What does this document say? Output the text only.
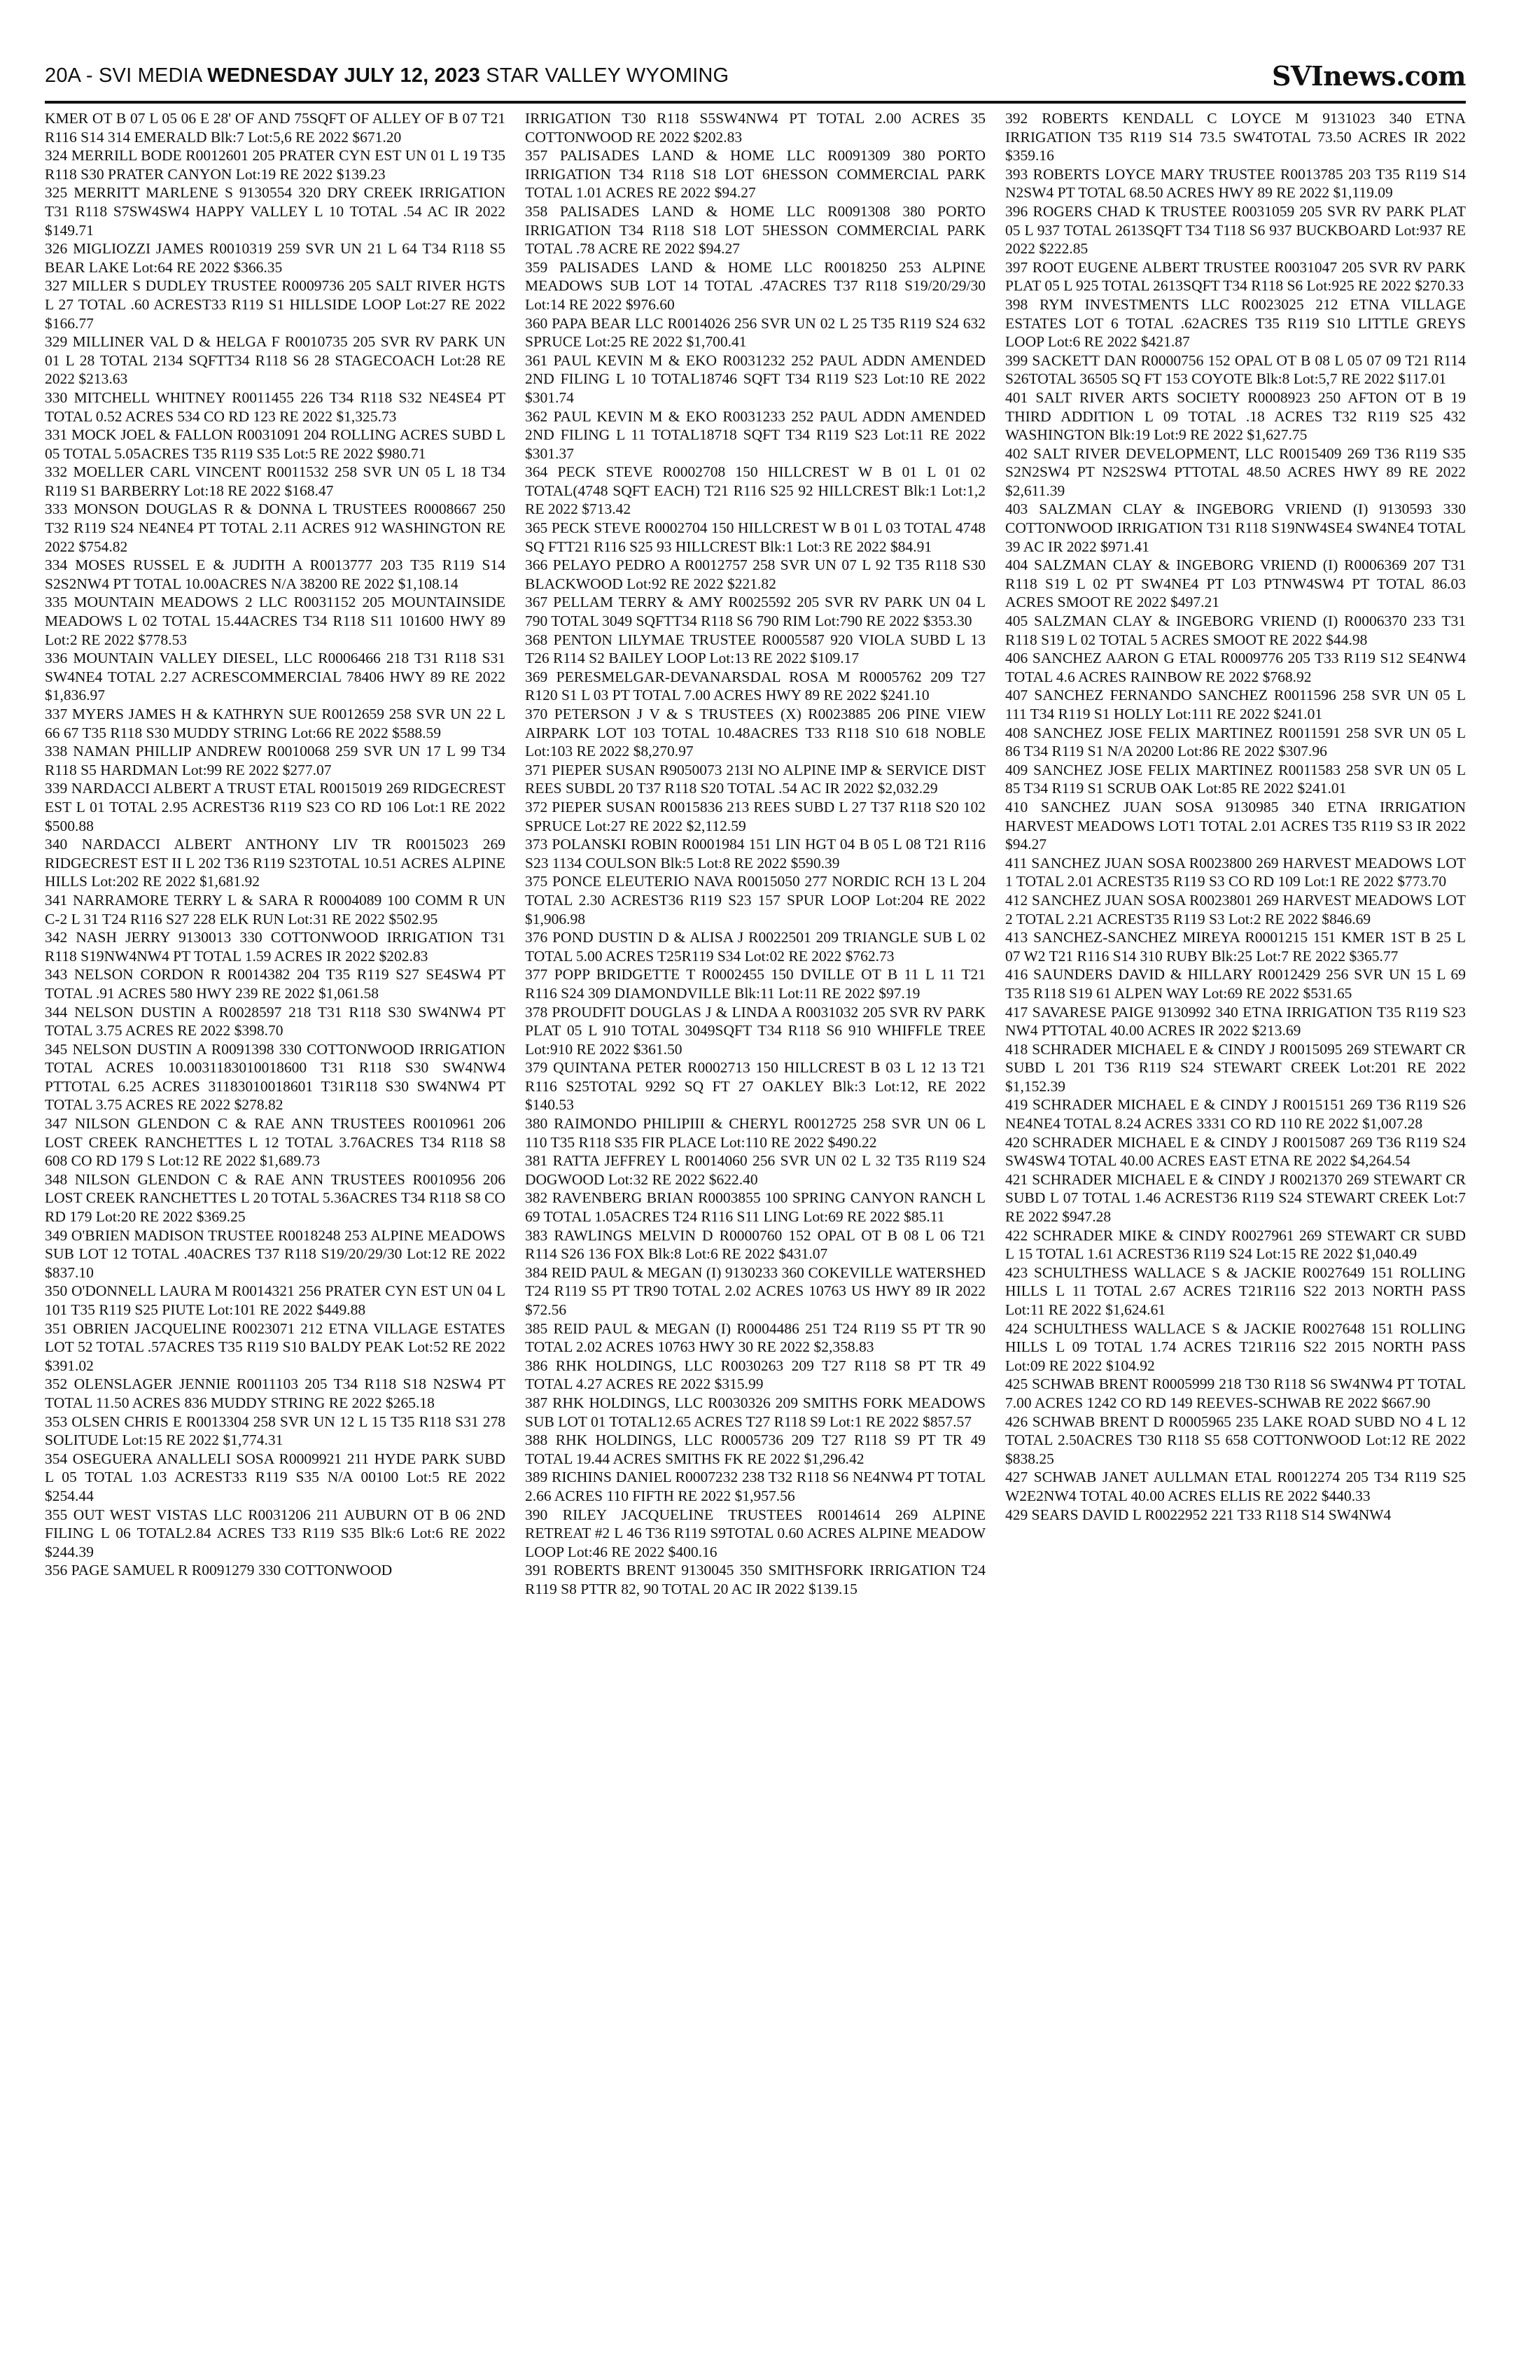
20A - SVI MEDIA WEDNESDAY JULY 12, 2023 STAR VALLEY WYOMING	SVInews.com

KMER OT B 07 L 05 06 E 28' OF AND 75SQFT OF ALLEY OF B 07 T21 R116 S14 314 EMERALD Blk:7 Lot:5,6 RE 2022 $671.20

324 MERRILL BODE R0012601 205 PRATER CYN EST UN 01 L 19 T35 R118 S30 PRATER CANYON Lot:19 RE 2022 $139.23

325 MERRITT MARLENE S 9130554 320 DRY CREEK IRRIGATION T31 R118 S7SW4SW4 HAPPY VALLEY L 10 TOTAL .54 AC IR 2022 $149.71

326 MIGLIOZZI JAMES R0010319 259 SVR UN 21 L 64 T34 R118 S5 BEAR LAKE Lot:64 RE 2022 $366.35

327 MILLER S DUDLEY TRUSTEE R0009736 205 SALT RIVER HGTS L 27 TOTAL .60 ACREST33 R119 S1 HILLSIDE LOOP Lot:27 RE 2022 $166.77

329 MILLINER VAL D & HELGA F R0010735 205 SVR RV PARK UN 01 L 28 TOTAL 2134 SQFTT34 R118 S6 28 STAGECOACH Lot:28 RE 2022 $213.63

330 MITCHELL WHITNEY R0011455 226 T34 R118 S32 NE4SE4 PT TOTAL 0.52 ACRES 534 CO RD 123 RE 2022 $1,325.73

331 MOCK JOEL & FALLON R0031091 204 ROLLING ACRES SUBD L 05 TOTAL 5.05ACRES T35 R119 S35 Lot:5 RE 2022 $980.71

332 MOELLER CARL VINCENT R0011532 258 SVR UN 05 L 18 T34 R119 S1 BARBERRY Lot:18 RE 2022 $168.47

333 MONSON DOUGLAS R & DONNA L TRUSTEES R0008667 250 T32 R119 S24 NE4NE4 PT TOTAL 2.11 ACRES 912 WASHINGTON RE 2022 $754.82

334 MOSES RUSSEL E & JUDITH A R0013777 203 T35 R119 S14 S2S2NW4 PT TOTAL 10.00ACRES N/A 38200 RE 2022 $1,108.14

335 MOUNTAIN MEADOWS 2 LLC R0031152 205 MOUNTAINSIDE MEADOWS L 02 TOTAL 15.44ACRES T34 R118 S11 101600 HWY 89 Lot:2 RE 2022 $778.53

336 MOUNTAIN VALLEY DIESEL, LLC R0006466 218 T31 R118 S31 SW4NE4 TOTAL 2.27 ACRESCOMMERCIAL 78406 HWY 89 RE 2022 $1,836.97

337 MYERS JAMES H & KATHRYN SUE R0012659 258 SVR UN 22 L 66 67 T35 R118 S30 MUDDY STRING Lot:66 RE 2022 $588.59

338 NAMAN PHILLIP ANDREW R0010068 259 SVR UN 17 L 99 T34 R118 S5 HARDMAN Lot:99 RE 2022 $277.07

339 NARDACCI ALBERT A TRUST ETAL R0015019 269 RIDGECREST EST L 01 TOTAL 2.95 ACREST36 R119 S23 CO RD 106 Lot:1 RE 2022 $500.88

340 NARDACCI ALBERT ANTHONY LIV TR R0015023 269 RIDGECREST EST II L 202 T36 R119 S23TOTAL 10.51 ACRES ALPINE HILLS Lot:202 RE 2022 $1,681.92

341 NARRAMORE TERRY L & SARA R R0004089 100 COMM R UN C-2 L 31 T24 R116 S27 228 ELK RUN Lot:31 RE 2022 $502.95

342 NASH JERRY 9130013 330 COTTONWOOD IRRIGATION T31 R118 S19NW4NW4 PT TOTAL 1.59 ACRES IR 2022 $202.83

343 NELSON CORDON R R0014382 204 T35 R119 S27 SE4SW4 PT TOTAL .91 ACRES 580 HWY 239 RE 2022 $1,061.58

344 NELSON DUSTIN A R0028597 218 T31 R118 S30 SW4NW4 PT TOTAL 3.75 ACRES RE 2022 $398.70

345 NELSON DUSTIN A R0091398 330 COTTONWOOD IRRIGATION TOTAL ACRES 10.0031183010018600 T31 R118 S30 SW4NW4 PTTOTAL 6.25 ACRES 31183010018601 T31R118 S30 SW4NW4 PT TOTAL 3.75 ACRES RE 2022 $278.82

347 NILSON GLENDON C & RAE ANN TRUSTEES R0010961 206 LOST CREEK RANCHETTES L 12 TOTAL 3.76ACRES T34 R118 S8 608 CO RD 179 S Lot:12 RE 2022 $1,689.73

348 NILSON GLENDON C & RAE ANN TRUSTEES R0010956 206 LOST CREEK RANCHETTES L 20 TOTAL 5.36ACRES T34 R118 S8 CO RD 179 Lot:20 RE 2022 $369.25

349 O'BRIEN MADISON TRUSTEE R0018248 253 ALPINE MEADOWS SUB LOT 12 TOTAL .40ACRES T37 R118 S19/20/29/30 Lot:12 RE 2022 $837.10

350 O'DONNELL LAURA M R0014321 256 PRATER CYN EST UN 04 L 101 T35 R119 S25 PIUTE Lot:101 RE 2022 $449.88

351 OBRIEN JACQUELINE R0023071 212 ETNA VILLAGE ESTATES LOT 52 TOTAL .57ACRES T35 R119 S10 BALDY PEAK Lot:52 RE 2022 $391.02

352 OLENSLAGER JENNIE R0011103 205 T34 R118 S18 N2SW4 PT TOTAL 11.50 ACRES 836 MUDDY STRING RE 2022 $265.18

353 OLSEN CHRIS E R0013304 258 SVR UN 12 L 15 T35 R118 S31 278 SOLITUDE Lot:15 RE 2022 $1,774.31

354 OSEGUERA ANALLELI SOSA R0009921 211 HYDE PARK SUBD L 05 TOTAL 1.03 ACREST33 R119 S35 N/A 00100 Lot:5 RE 2022 $254.44

355 OUT WEST VISTAS LLC R0031206 211 AUBURN OT B 06 2ND FILING L 06 TOTAL2.84 ACRES T33 R119 S35 Blk:6 Lot:6 RE 2022 $244.39

356 PAGE SAMUEL R R0091279 330 COTTONWOOD

IRRIGATION T30 R118 S5SW4NW4 PT TOTAL 2.00 ACRES 35 COTTONWOOD RE 2022 $202.83

357 PALISADES LAND & HOME LLC R0091309 380 PORTO IRRIGATION T34 R118 S18 LOT 6HESSON COMMERCIAL PARK TOTAL 1.01 ACRES RE 2022 $94.27

358 PALISADES LAND & HOME LLC R0091308 380 PORTO IRRIGATION T34 R118 S18 LOT 5HESSON COMMERCIAL PARK TOTAL .78 ACRE RE 2022 $94.27

359 PALISADES LAND & HOME LLC R0018250 253 ALPINE MEADOWS SUB LOT 14 TOTAL .47ACRES T37 R118 S19/20/29/30 Lot:14 RE 2022 $976.60

360 PAPA BEAR LLC R0014026 256 SVR UN 02 L 25 T35 R119 S24 632 SPRUCE Lot:25 RE 2022 $1,700.41

361 PAUL KEVIN M & EKO R0031232 252 PAUL ADDN AMENDED 2ND FILING L 10 TOTAL18746 SQFT T34 R119 S23 Lot:10 RE 2022 $301.74

362 PAUL KEVIN M & EKO R0031233 252 PAUL ADDN AMENDED 2ND FILING L 11 TOTAL18718 SQFT T34 R119 S23 Lot:11 RE 2022 $301.37

364 PECK STEVE R0002708 150 HILLCREST W B 01 L 01 02 TOTAL(4748 SQFT EACH) T21 R116 S25 92 HILLCREST Blk:1 Lot:1,2 RE 2022 $713.42

365 PECK STEVE R0002704 150 HILLCREST W B 01 L 03 TOTAL 4748 SQ FTT21 R116 S25 93 HILLCREST Blk:1 Lot:3 RE 2022 $84.91

366 PELAYO PEDRO A R0012757 258 SVR UN 07 L 92 T35 R118 S30 BLACKWOOD Lot:92 RE 2022 $221.82

367 PELLAM TERRY & AMY R0025592 205 SVR RV PARK UN 04 L 790 TOTAL 3049 SQFTT34 R118 S6 790 RIM Lot:790 RE 2022 $353.30

368 PENTON LILYMAE TRUSTEE R0005587 920 VIOLA SUBD L 13 T26 R114 S2 BAILEY LOOP Lot:13 RE 2022 $109.17

369 PERESMELGAR-DEVANARSDAL ROSA M R0005762 209 T27 R120 S1 L 03 PT TOTAL 7.00 ACRES HWY 89 RE 2022 $241.10

370 PETERSON J V & S TRUSTEES (X) R0023885 206 PINE VIEW AIRPARK LOT 103 TOTAL 10.48ACRES T33 R118 S10 618 NOBLE Lot:103 RE 2022 $8,270.97

371 PIEPER SUSAN R9050073 213I NO ALPINE IMP & SERVICE DIST REES SUBDL 20 T37 R118 S20 TOTAL .54 AC IR 2022 $2,032.29

372 PIEPER SUSAN R0015836 213 REES SUBD L 27 T37 R118 S20 102 SPRUCE Lot:27 RE 2022 $2,112.59

373 POLANSKI ROBIN R0001984 151 LIN HGT 04 B 05 L 08 T21 R116 S23 1134 COULSON Blk:5 Lot:8 RE 2022 $590.39

375 PONCE ELEUTERIO NAVA R0015050 277 NORDIC RCH 13 L 204 TOTAL 2.30 ACREST36 R119 S23 157 SPUR LOOP Lot:204 RE 2022 $1,906.98

376 POND DUSTIN D & ALISA J R0022501 209 TRIANGLE SUB L 02 TOTAL 5.00 ACRES T25R119 S34 Lot:02 RE 2022 $762.73

377 POPP BRIDGETTE T R0002455 150 DVILLE OT B 11 L 11 T21 R116 S24 309 DIAMONDVILLE Blk:11 Lot:11 RE 2022 $97.19

378 PROUDFIT DOUGLAS J & LINDA A R0031032 205 SVR RV PARK PLAT 05 L 910 TOTAL 3049SQFT T34 R118 S6 910 WHIFFLE TREE Lot:910 RE 2022 $361.50

379 QUINTANA PETER R0002713 150 HILLCREST B 03 L 12 13 T21 R116 S25TOTAL 9292 SQ FT 27 OAKLEY Blk:3 Lot:12, RE 2022 $140.53

380 RAIMONDO PHILIPIII & CHERYL R0012725 258 SVR UN 06 L 110 T35 R118 S35 FIR PLACE Lot:110 RE 2022 $490.22

381 RATTA JEFFREY L R0014060 256 SVR UN 02 L 32 T35 R119 S24 DOGWOOD Lot:32 RE 2022 $622.40

382 RAVENBERG BRIAN R0003855 100 SPRING CANYON RANCH L 69 TOTAL 1.05ACRES T24 R116 S11 LING Lot:69 RE 2022 $85.11

383 RAWLINGS MELVIN D R0000760 152 OPAL OT B 08 L 06 T21 R114 S26 136 FOX Blk:8 Lot:6 RE 2022 $431.07

384 REID PAUL & MEGAN (I) 9130233 360 COKEVILLE WATERSHED T24 R119 S5 PT TR90 TOTAL 2.02 ACRES 10763 US HWY 89 IR 2022 $72.56

385 REID PAUL & MEGAN (I) R0004486 251 T24 R119 S5 PT TR 90 TOTAL 2.02 ACRES 10763 HWY 30 RE 2022 $2,358.83

386 RHK HOLDINGS, LLC R0030263 209 T27 R118 S8 PT TR 49 TOTAL 4.27 ACRES RE 2022 $315.99

387 RHK HOLDINGS, LLC R0030326 209 SMITHS FORK MEADOWS SUB LOT 01 TOTAL12.65 ACRES T27 R118 S9 Lot:1 RE 2022 $857.57

388 RHK HOLDINGS, LLC R0005736 209 T27 R118 S9 PT TR 49 TOTAL 19.44 ACRES SMITHS FK RE 2022 $1,296.42

389 RICHINS DANIEL R0007232 238 T32 R118 S6 NE4NW4 PT TOTAL 2.66 ACRES 110 FIFTH RE 2022 $1,957.56

390 RILEY JACQUELINE TRUSTEES R0014614 269 ALPINE RETREAT #2 L 46 T36 R119 S9TOTAL 0.60 ACRES ALPINE MEADOW LOOP Lot:46 RE 2022 $400.16

391 ROBERTS BRENT 9130045 350 SMITHSFORK IRRIGATION T24 R119 S8 PTTR 82, 90 TOTAL 20 AC IR 2022 $139.15

392 ROBERTS KENDALL C LOYCE M 9131023 340 ETNA IRRIGATION T35 R119 S14 73.5 SW4TOTAL 73.50 ACRES IR 2022 $359.16

393 ROBERTS LOYCE MARY TRUSTEE R0013785 203 T35 R119 S14 N2SW4 PT TOTAL 68.50 ACRES HWY 89 RE 2022 $1,119.09

396 ROGERS CHAD K TRUSTEE R0031059 205 SVR RV PARK PLAT 05 L 937 TOTAL 2613SQFT T34 T118 S6 937 BUCKBOARD Lot:937 RE 2022 $222.85

397 ROOT EUGENE ALBERT TRUSTEE R0031047 205 SVR RV PARK PLAT 05 L 925 TOTAL 2613SQFT T34 R118 S6 Lot:925 RE 2022 $270.33

398 RYM INVESTMENTS LLC R0023025 212 ETNA VILLAGE ESTATES LOT 6 TOTAL .62ACRES T35 R119 S10 LITTLE GREYS LOOP Lot:6 RE 2022 $421.87

399 SACKETT DAN R0000756 152 OPAL OT B 08 L 05 07 09 T21 R114 S26TOTAL 36505 SQ FT 153 COYOTE Blk:8 Lot:5,7 RE 2022 $117.01

401 SALT RIVER ARTS SOCIETY R0008923 250 AFTON OT B 19 THIRD ADDITION L 09 TOTAL .18 ACRES T32 R119 S25 432 WASHINGTON Blk:19 Lot:9 RE 2022 $1,627.75

402 SALT RIVER DEVELOPMENT, LLC R0015409 269 T36 R119 S35 S2N2SW4 PT N2S2SW4 PTTOTAL 48.50 ACRES HWY 89 RE 2022 $2,611.39

403 SALZMAN CLAY & INGEBORG VRIEND (I) 9130593 330 COTTONWOOD IRRIGATION T31 R118 S19NW4SE4 SW4NE4 TOTAL 39 AC IR 2022 $971.41

404 SALZMAN CLAY & INGEBORG VRIEND (I) R0006369 207 T31 R118 S19 L 02 PT SW4NE4 PT L03 PTNW4SW4 PT TOTAL 86.03 ACRES SMOOT RE 2022 $497.21

405 SALZMAN CLAY & INGEBORG VRIEND (I) R0006370 233 T31 R118 S19 L 02 TOTAL 5 ACRES SMOOT RE 2022 $44.98

406 SANCHEZ AARON G ETAL R0009776 205 T33 R119 S12 SE4NW4 TOTAL 4.6 ACRES RAINBOW RE 2022 $768.92

407 SANCHEZ FERNANDO SANCHEZ R0011596 258 SVR UN 05 L 111 T34 R119 S1 HOLLY Lot:111 RE 2022 $241.01

408 SANCHEZ JOSE FELIX MARTINEZ R0011591 258 SVR UN 05 L 86 T34 R119 S1 N/A 20200 Lot:86 RE 2022 $307.96

409 SANCHEZ JOSE FELIX MARTINEZ R0011583 258 SVR UN 05 L 85 T34 R119 S1 SCRUB OAK Lot:85 RE 2022 $241.01

410 SANCHEZ JUAN SOSA 9130985 340 ETNA IRRIGATION HARVEST MEADOWS LOT1 TOTAL 2.01 ACRES T35 R119 S3 IR 2022 $94.27

411 SANCHEZ JUAN SOSA R0023800 269 HARVEST MEADOWS LOT 1 TOTAL 2.01 ACREST35 R119 S3 CO RD 109 Lot:1 RE 2022 $773.70

412 SANCHEZ JUAN SOSA R0023801 269 HARVEST MEADOWS LOT 2 TOTAL 2.21 ACREST35 R119 S3 Lot:2 RE 2022 $846.69

413 SANCHEZ-SANCHEZ MIREYA R0001215 151 KMER 1ST B 25 L 07 W2 T21 R116 S14 310 RUBY Blk:25 Lot:7 RE 2022 $365.77

416 SAUNDERS DAVID & HILLARY R0012429 256 SVR UN 15 L 69 T35 R118 S19 61 ALPEN WAY Lot:69 RE 2022 $531.65

417 SAVARESE PAIGE 9130992 340 ETNA IRRIGATION T35 R119 S23 NW4 PTTOTAL 40.00 ACRES IR 2022 $213.69

418 SCHRADER MICHAEL E & CINDY J R0015095 269 STEWART CR SUBD L 201 T36 R119 S24 STEWART CREEK Lot:201 RE 2022 $1,152.39

419 SCHRADER MICHAEL E & CINDY J R0015151 269 T36 R119 S26 NE4NE4 TOTAL 8.24 ACRES 3331 CO RD 110 RE 2022 $1,007.28

420 SCHRADER MICHAEL E & CINDY J R0015087 269 T36 R119 S24 SW4SW4 TOTAL 40.00 ACRES EAST ETNA RE 2022 $4,264.54

421 SCHRADER MICHAEL E & CINDY J R0021370 269 STEWART CR SUBD L 07 TOTAL 1.46 ACREST36 R119 S24 STEWART CREEK Lot:7 RE 2022 $947.28

422 SCHRADER MIKE & CINDY R0027961 269 STEWART CR SUBD L 15 TOTAL 1.61 ACREST36 R119 S24 Lot:15 RE 2022 $1,040.49

423 SCHULTHESS WALLACE S & JACKIE R0027649 151 ROLLING HILLS L 11 TOTAL 2.67 ACRES T21R116 S22 2013 NORTH PASS Lot:11 RE 2022 $1,624.61

424 SCHULTHESS WALLACE S & JACKIE R0027648 151 ROLLING HILLS L 09 TOTAL 1.74 ACRES T21R116 S22 2015 NORTH PASS Lot:09 RE 2022 $104.92

425 SCHWAB BRENT R0005999 218 T30 R118 S6 SW4NW4 PT TOTAL 7.00 ACRES 1242 CO RD 149 REEVES-SCHWAB RE 2022 $667.90

426 SCHWAB BRENT D R0005965 235 LAKE ROAD SUBD NO 4 L 12 TOTAL 2.50ACRES T30 R118 S5 658 COTTONWOOD Lot:12 RE 2022 $838.25

427 SCHWAB JANET AULLMAN ETAL R0012274 205 T34 R119 S25 W2E2NW4 TOTAL 40.00 ACRES ELLIS RE 2022 $440.33

429 SEARS DAVID L R0022952 221 T33 R118 S14 SW4NW4
